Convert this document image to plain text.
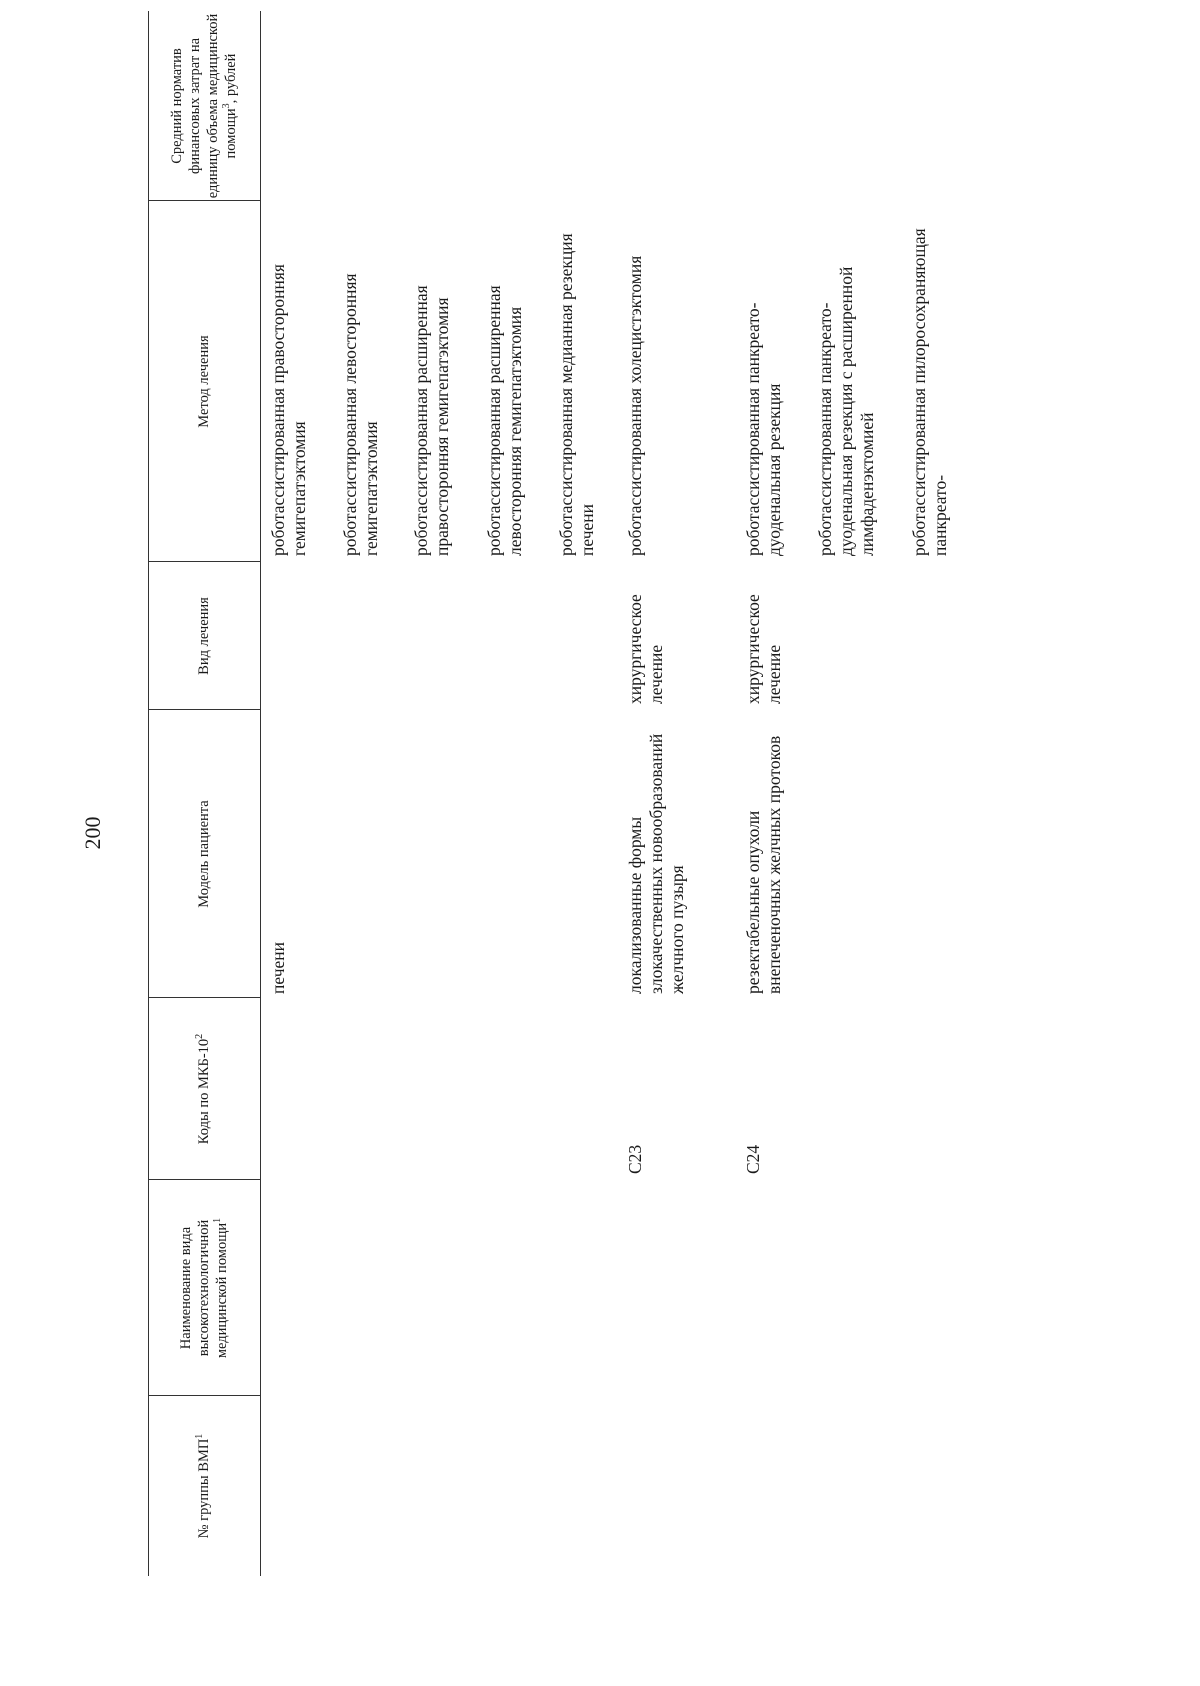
200
№ группы ВМП$^1$
Наименование вида высокотехнологичной медицинской помощи$^1$
Коды по МКБ-$10^2$
Модель пациента
Вид лечения
Метод лечения
Средний норматив финансовых затрат на единицу объема медицинской помощи$^3$, рублей
печени
роботассистированная правосторонняя гемигепатэктомия роботассистированная левосторонняя гемигепатэктомия роботассистированная расширенная правосторонняя гемигепатэктомия роботассистированная расширенная левосторонняя гемигепатэктомия роботассистированная медианная резекция печени
C23
локализованные формы злокачественных новообразований желчного пузыря
хирургическое лечение
роботассистированная холецистэктомия
C24
резектабельные опухоли внепеченочных желчных протоков
хирургическое лечение
роботассистированная панкреато-дуоденальная резекция роботассистированная панкреато-дуоденальная резекция с расширенной лимфаденэктомией роботассистированная пилоросохраняющая панкреато-
